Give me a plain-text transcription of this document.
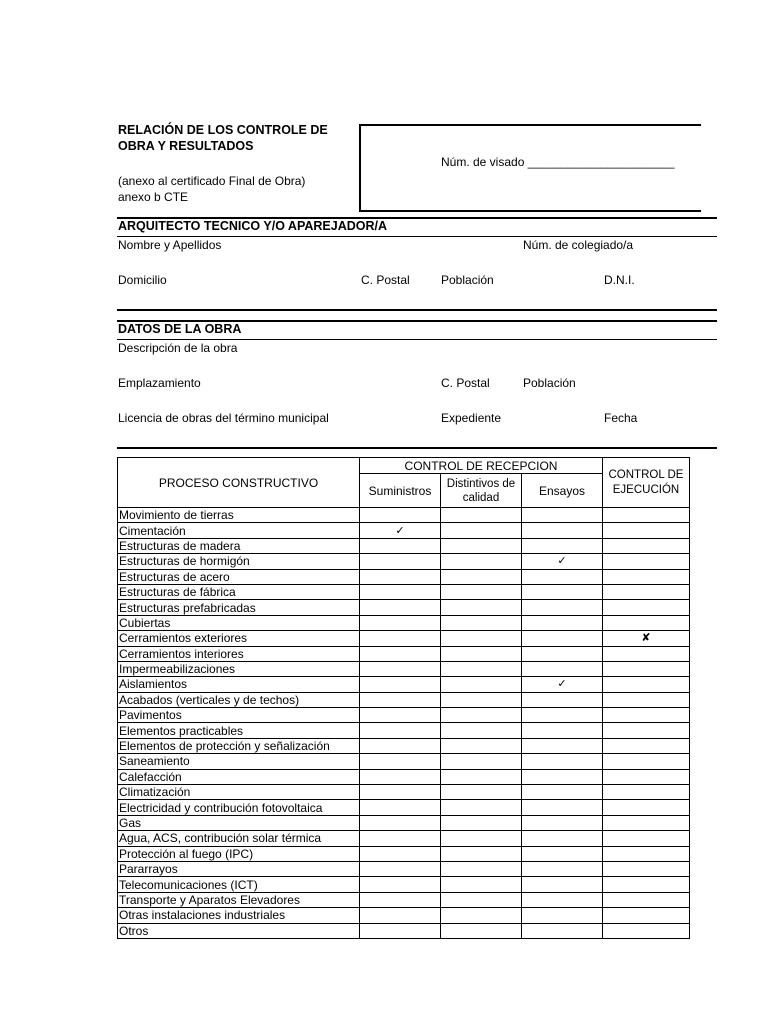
RELACIÓN DE LOS CONTROLE DE OBRA Y RESULTADOS
(anexo al certificado Final de Obra)
anexo b CTE
Núm. de visado ______________________
ARQUITECTO TECNICO Y/O APAREJADOR/A
Nombre y Apellidos	Núm. de colegiado/a
Domicilio	C. Postal	Población	D.N.I.
DATOS DE LA OBRA
Descripción de la obra
Emplazamiento	C. Postal	Población
Licencia de obras del término municipal	Expediente	Fecha
PROCESO CONSTRUCTIVO	CONTROL DE RECEPCION			CONTROL DE EJECUCIÓN
	Suministros	Distintivos de calidad	Ensayos	
Movimiento de tierras				
Cimentación	✓			
Estructuras de madera				
Estructuras de hormigón			✓	
Estructuras de acero				
Estructuras de fábrica				
Estructuras prefabricadas				
Cubiertas				
Cerramientos exteriores				✘
Cerramientos interiores				
Impermeabilizaciones				
Aislamientos			✓	
Acabados (verticales y de techos)				
Pavimentos				
Elementos practicables				
Elementos de protección y señalización				
Saneamiento				
Calefacción				
Climatización				
Electricidad y contribución fotovoltaica				
Gas				
Agua, ACS, contribución solar térmica				
Protección al fuego (IPC)				
Pararrayos				
Telecomunicaciones (ICT)				
Transporte y Aparatos Elevadores				
Otras instalaciones industriales				
Otros				
